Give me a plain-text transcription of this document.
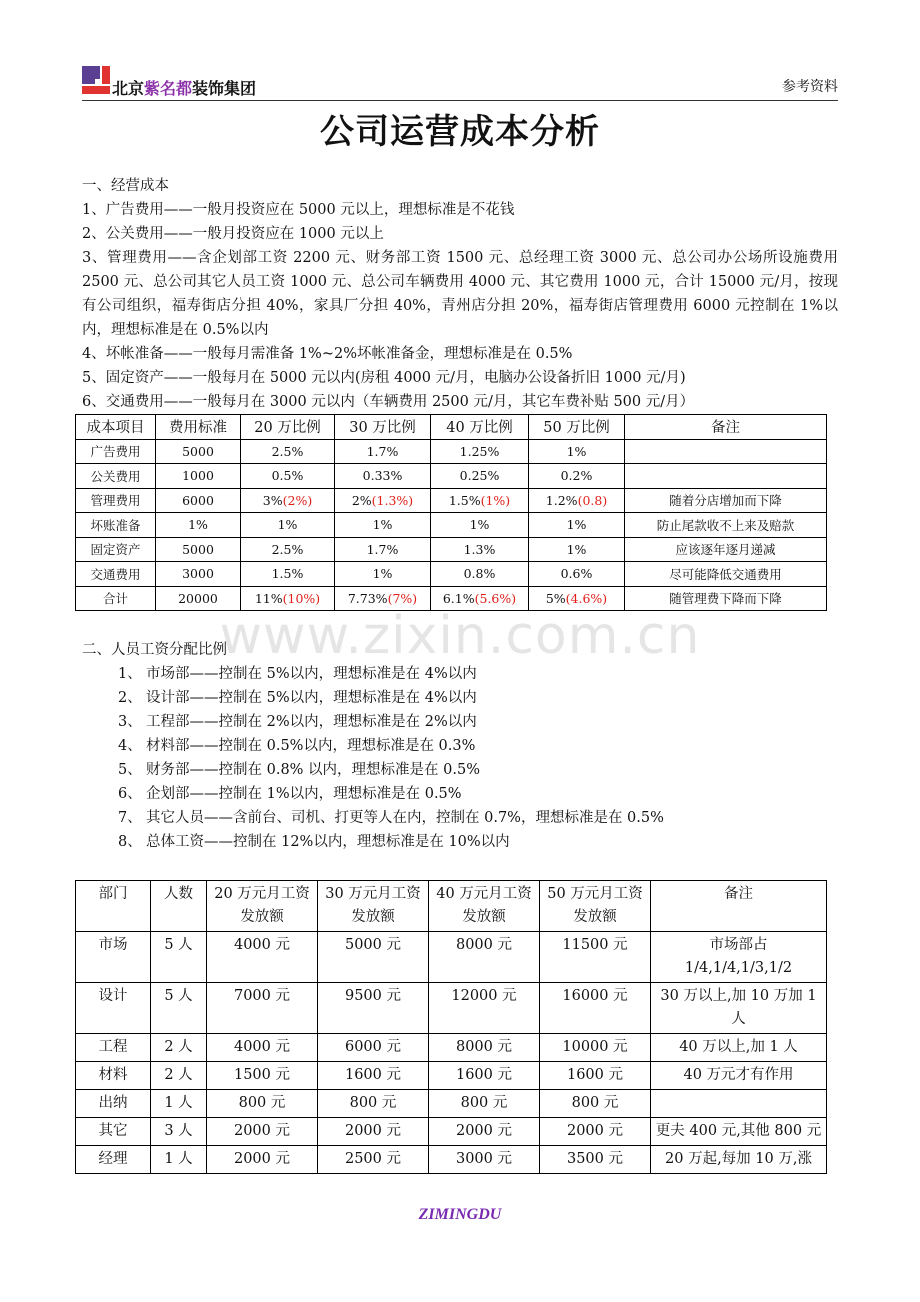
北京紫名都装饰集团	参考资料
公司运营成本分析
一、经营成本
1、广告费用——一般月投资应在 5000 元以上，理想标准是不花钱
2、公关费用——一般月投资应在 1000 元以上
3、管理费用——含企划部工资 2200 元、财务部工资 1500 元、总经理工资 3000 元、总公司办公场所设施费用 2500 元、总公司其它人员工资 1000 元、总公司车辆费用 4000 元、其它费用 1000 元，合计 15000 元/月，按现有公司组织，福寿街店分担 40%，家具厂分担 40%，青州店分担 20%，福寿街店管理费用 6000 元控制在 1%以内，理想标准是在 0.5%以内
4、坏帐准备——一般每月需准备 1%~2%坏帐准备金，理想标准是在 0.5%
5、固定资产——一般每月在 5000 元以内(房租 4000 元/月，电脑办公设备折旧 1000 元/月)
6、交通费用——一般每月在 3000 元以内（车辆费用 2500 元/月，其它车费补贴 500 元/月）
成本项目	费用标准	20 万比例	30 万比例	40 万比例	50 万比例	备注
广告费用	5000	2.5%	1.7%	1.25%	1%	
公关费用	1000	0.5%	0.33%	0.25%	0.2%	
管理费用	6000	3%(2%)	2%(1.3%)	1.5%(1%)	1.2%(0.8)	随着分店增加而下降
坏账准备	1%	1%	1%	1%	1%	防止尾款收不上来及赔款
固定资产	5000	2.5%	1.7%	1.3%	1%	应该逐年逐月递减
交通费用	3000	1.5%	1%	0.8%	0.6%	尽可能降低交通费用
合计	20000	11%(10%)	7.73%(7%)	6.1%(5.6%)	5%(4.6%)	随管理费下降而下降
www.zixin.com.cn
二、人员工资分配比例
1、 市场部——控制在 5%以内，理想标准是在 4%以内
2、 设计部——控制在 5%以内，理想标准是在 4%以内
3、 工程部——控制在 2%以内，理想标准是在 2%以内
4、 材料部——控制在 0.5%以内，理想标准是在 0.3%
5、 财务部——控制在 0.8% 以内，理想标准是在 0.5%
6、 企划部——控制在 1%以内，理想标准是在 0.5%
7、 其它人员——含前台、司机、打更等人在内，控制在 0.7%，理想标准是在 0.5%
8、 总体工资——控制在 12%以内，理想标准是在 10%以内
部门	人数	20 万元月工资发放额	30 万元月工资发放额	40 万元月工资发放额	50 万元月工资发放额	备注
市场	5 人	4000 元	5000 元	8000 元	11500 元	市场部占 1/4,1/4,1/3,1/2
设计	5 人	7000 元	9500 元	12000 元	16000 元	30 万以上,加 10 万加 1 人
工程	2 人	4000 元	6000 元	8000 元	10000 元	40 万以上,加 1 人
材料	2 人	1500 元	1600 元	1600 元	1600 元	40 万元才有作用
出纳	1 人	800 元	800 元	800 元	800 元	
其它	3 人	2000 元	2000 元	2000 元	2000 元	更夫 400 元,其他 800 元
经理	1 人	2000 元	2500 元	3000 元	3500 元	20 万起,每加 10 万,涨
ZIMINGDU
